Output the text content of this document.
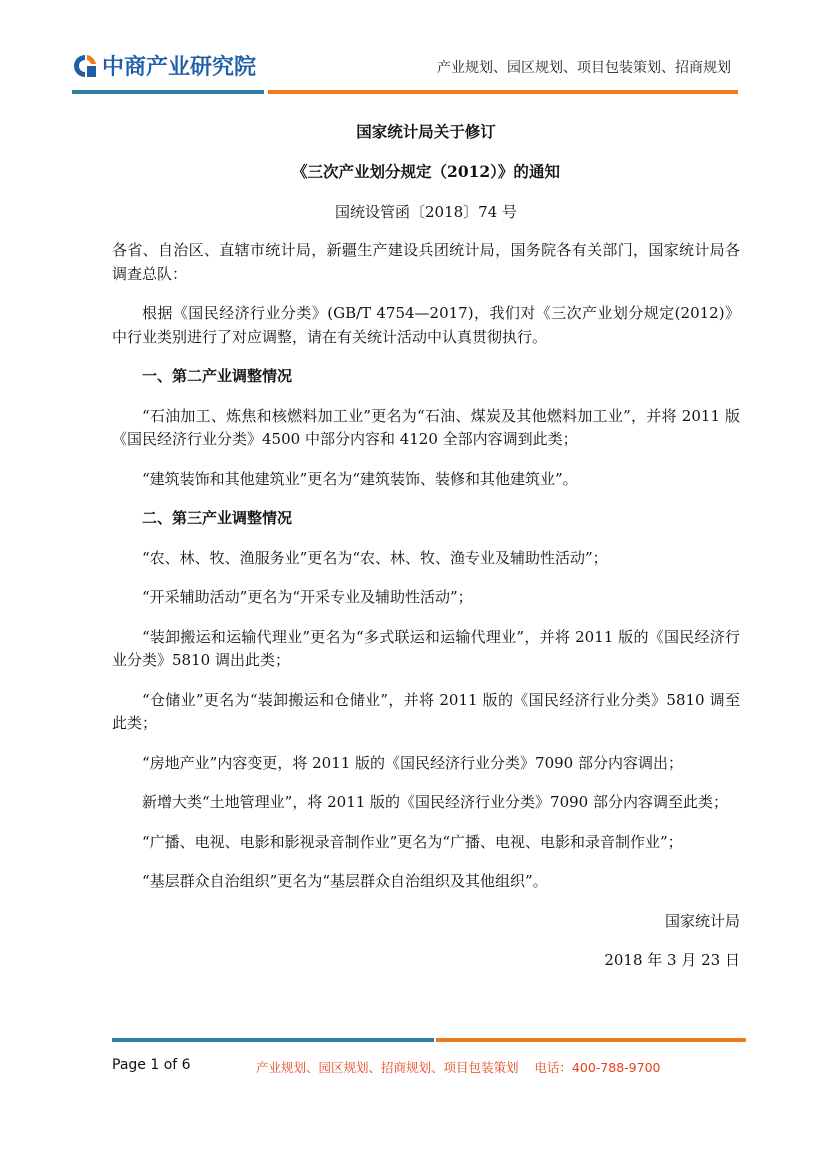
中商产业研究院	产业规划、园区规划、项目包装策划、招商规划
国家统计局关于修订
《三次产业划分规定（2012）》的通知
国统设管函〔2018〕74 号

各省、自治区、直辖市统计局，新疆生产建设兵团统计局，国务院各有关部门，国家统计局各调查总队：

根据《国民经济行业分类》(GB/T 4754—2017)，我们对《三次产业划分规定(2012)》中行业类别进行了对应调整，请在有关统计活动中认真贯彻执行。

一、第二产业调整情况

“石油加工、炼焦和核燃料加工业”更名为“石油、煤炭及其他燃料加工业”，并将 2011 版《国民经济行业分类》4500 中部分内容和 4120 全部内容调到此类；

“建筑装饰和其他建筑业”更名为“建筑装饰、装修和其他建筑业”。

二、第三产业调整情况

“农、林、牧、渔服务业”更名为“农、林、牧、渔专业及辅助性活动”；

“开采辅助活动”更名为“开采专业及辅助性活动”；

“装卸搬运和运输代理业”更名为“多式联运和运输代理业”，并将 2011 版的《国民经济行业分类》5810 调出此类；

“仓储业”更名为“装卸搬运和仓储业”，并将 2011 版的《国民经济行业分类》5810 调至此类；

“房地产业”内容变更，将 2011 版的《国民经济行业分类》7090 部分内容调出；

新增大类“土地管理业”，将 2011 版的《国民经济行业分类》7090 部分内容调至此类；

“广播、电视、电影和影视录音制作业”更名为“广播、电视、电影和录音制作业”；

“基层群众自治组织”更名为“基层群众自治组织及其他组织”。

国家统计局

2018 年 3 月 23 日

Page 1 of 6	产业规划、园区规划、招商规划、项目包装策划 电话：400-788-9700
